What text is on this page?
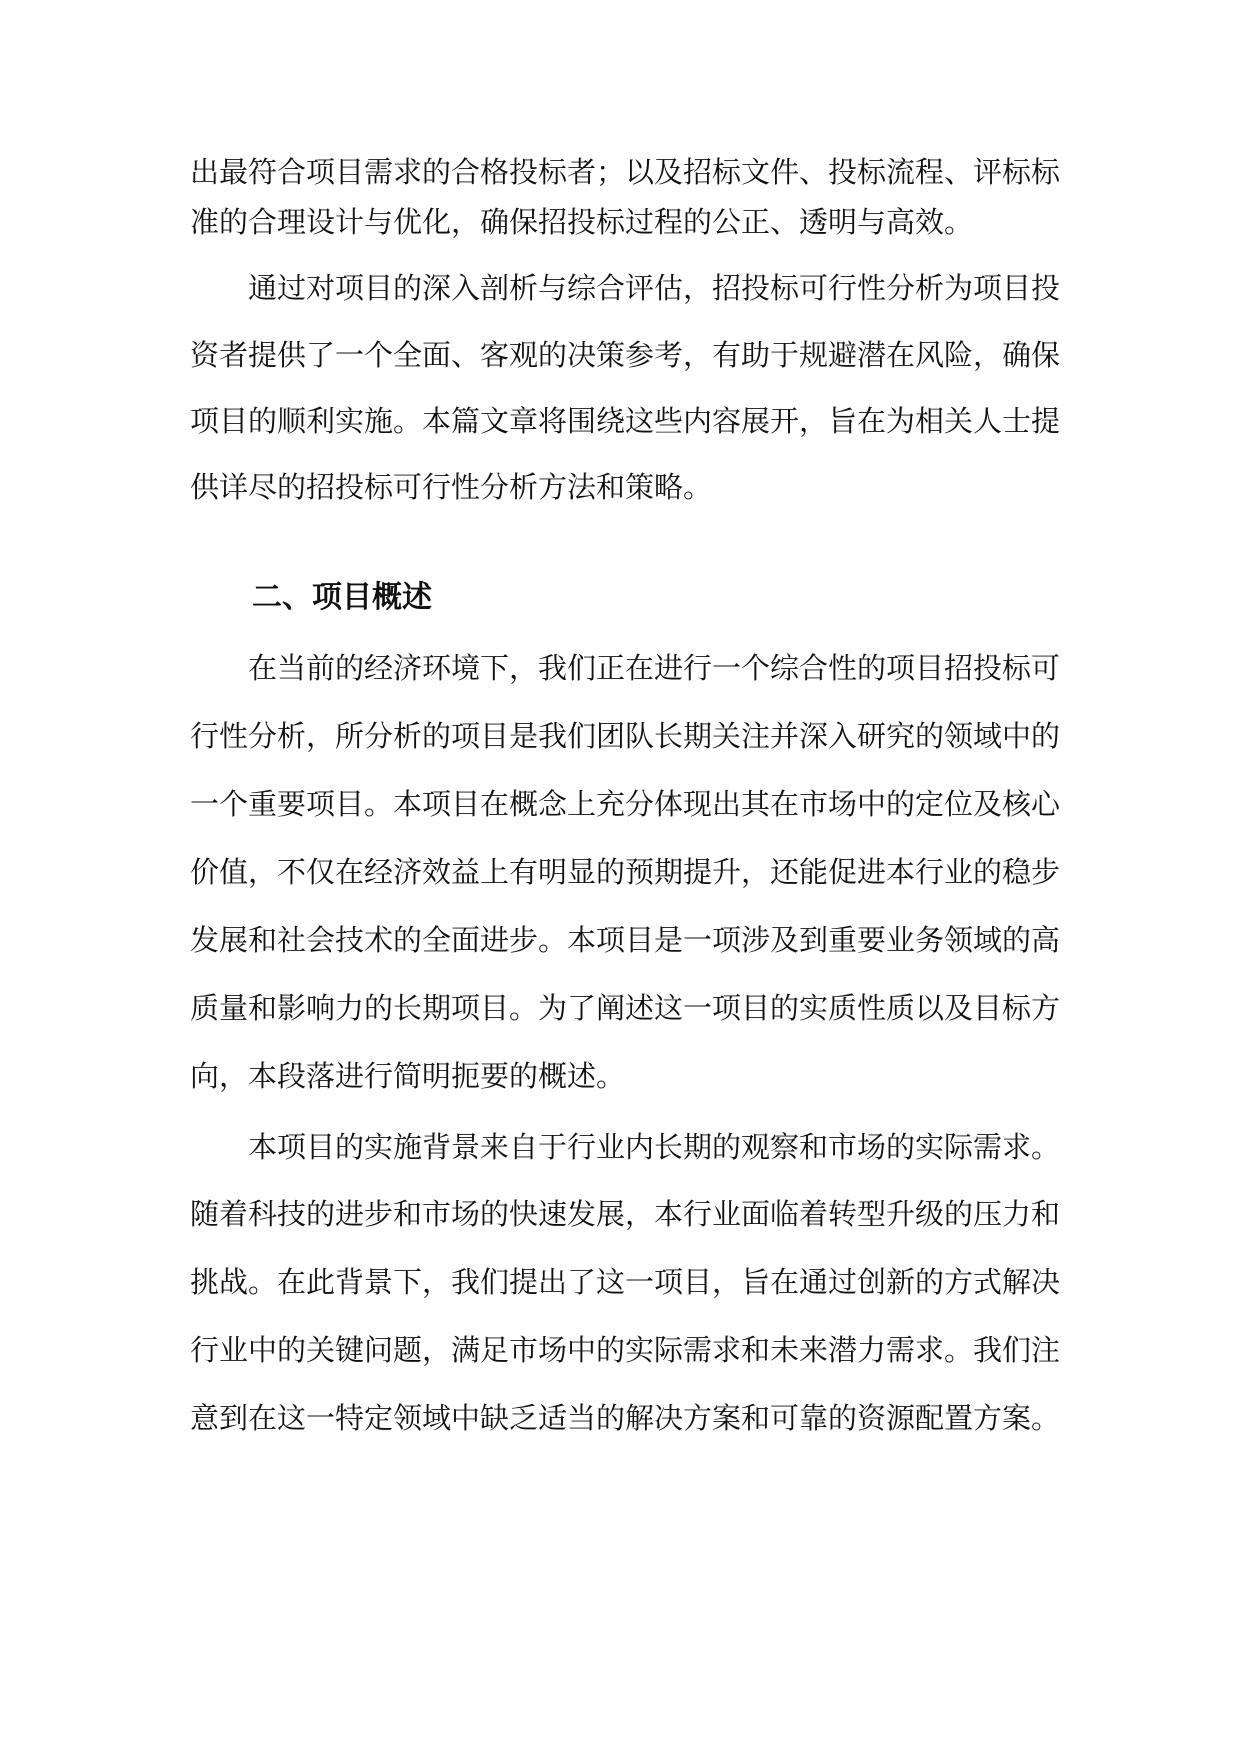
出最符合项目需求的合格投标者；以及招标文件、投标流程、评标标
准的合理设计与优化，确保招投标过程的公正、透明与高效。
通过对项目的深入剖析与综合评估，招投标可行性分析为项目投
资者提供了一个全面、客观的决策参考，有助于规避潜在风险，确保
项目的顺利实施。本篇文章将围绕这些内容展开，旨在为相关人士提
供详尽的招投标可行性分析方法和策略。
二、项目概述
在当前的经济环境下，我们正在进行一个综合性的项目招投标可
行性分析，所分析的项目是我们团队长期关注并深入研究的领域中的
一个重要项目。本项目在概念上充分体现出其在市场中的定位及核心
价值，不仅在经济效益上有明显的预期提升，还能促进本行业的稳步
发展和社会技术的全面进步。本项目是一项涉及到重要业务领域的高
质量和影响力的长期项目。为了阐述这一项目的实质性质以及目标方
向，本段落进行简明扼要的概述。
本项目的实施背景来自于行业内长期的观察和市场的实际需求。
随着科技的进步和市场的快速发展，本行业面临着转型升级的压力和
挑战。在此背景下，我们提出了这一项目，旨在通过创新的方式解决
行业中的关键问题，满足市场中的实际需求和未来潜力需求。我们注
意到在这一特定领域中缺乏适当的解决方案和可靠的资源配置方案。
